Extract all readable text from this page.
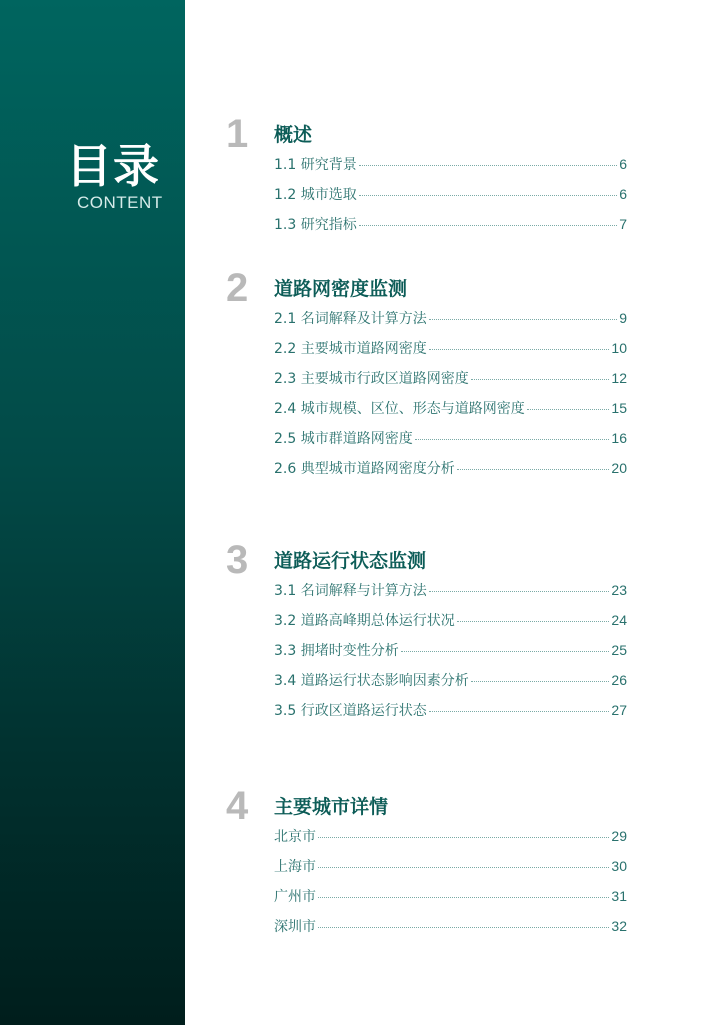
目录
CONTENT
1	概述
1.1 研究背景	6
1.2 城市选取	6
1.3 研究指标	7
2	道路网密度监测
2.1 名词解释及计算方法	9
2.2 主要城市道路网密度	10
2.3 主要城市行政区道路网密度	12
2.4 城市规模、区位、形态与道路网密度	15
2.5 城市群道路网密度	16
2.6 典型城市道路网密度分析	20
3	道路运行状态监测
3.1 名词解释与计算方法	23
3.2 道路高峰期总体运行状况	24
3.3 拥堵时变性分析	25
3.4 道路运行状态影响因素分析	26
3.5 行政区道路运行状态	27
4	主要城市详情
北京市	29
上海市	30
广州市	31
深圳市	32
